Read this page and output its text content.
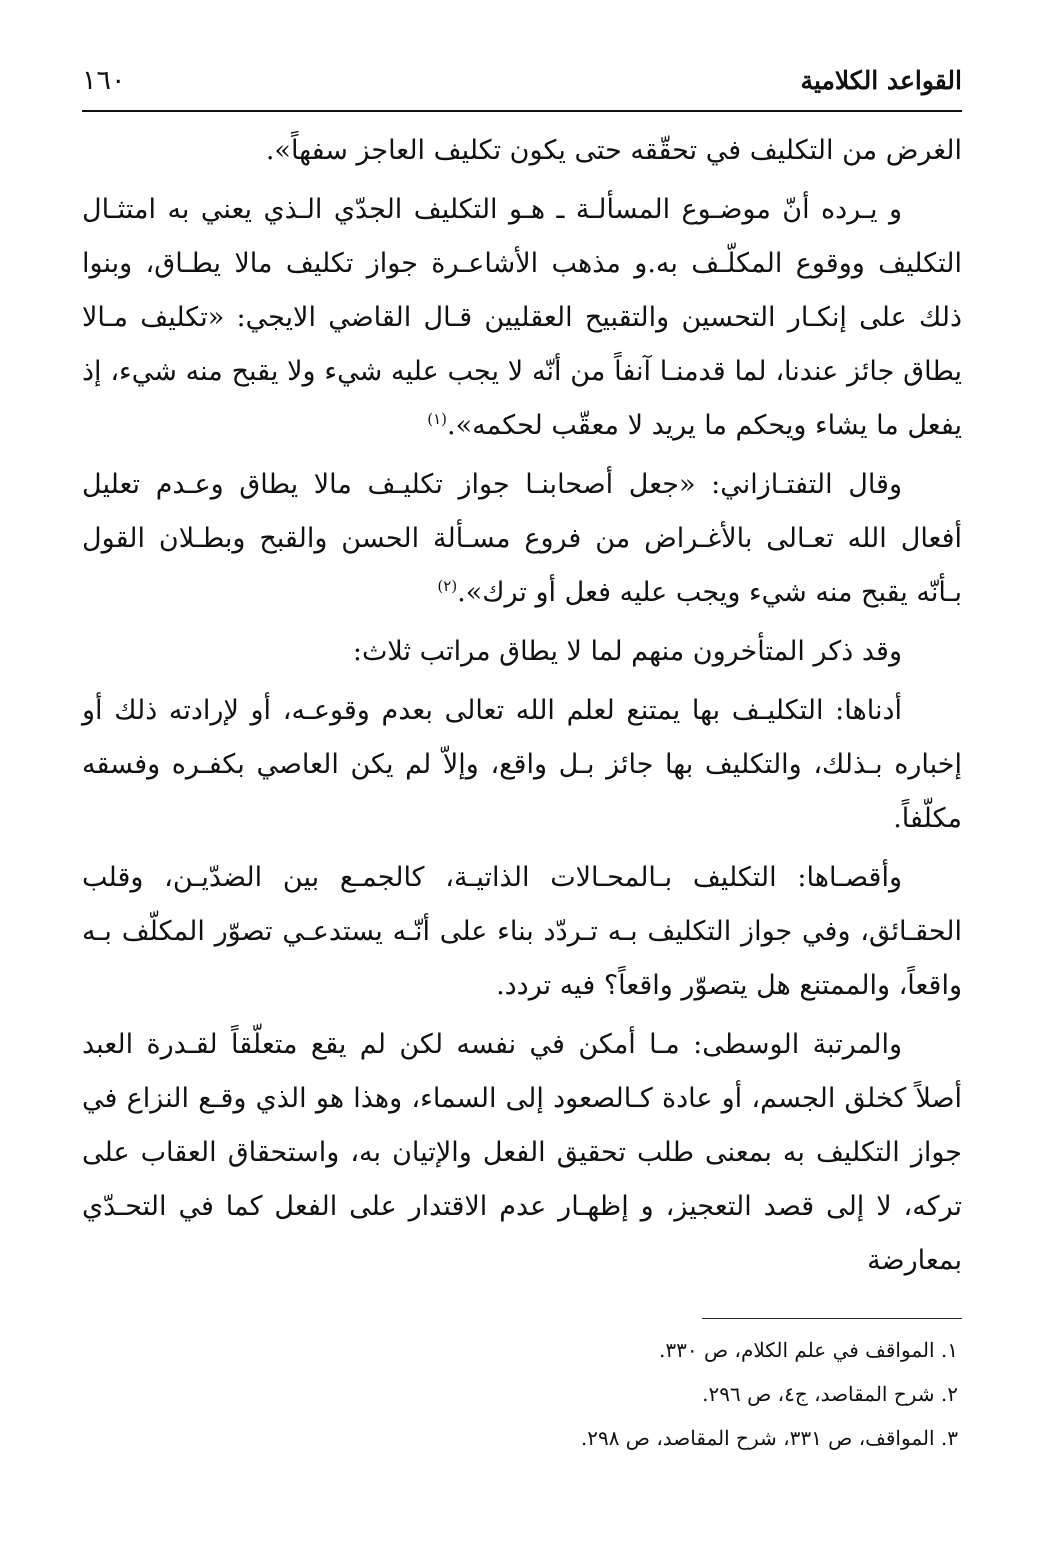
القواعد الكلامية
١٦٠

الغرض من التكليف في تحقّقه حتى يكون تكليف العاجز سفهاً».

و يـرده أنّ موضـوع المسألـة ـ هـو التكليف الجدّي الـذي يعني به امتثـال التكليف ووقوع المكلّـف به.و مذهب الأشاعـرة جواز تكليف مالا يطـاق، وبنوا ذلك على إنكـار التحسين والتقبيح العقليين قـال القاضي الايجي: «تكليف مـالا يطاق جائز عندنا، لما قدمنـا آنفاً من أنّه لا يجب عليه شيء ولا يقبح منه شيء، إذ يفعل ما يشاء ويحكم ما يريد لا معقّب لحكمه».$^{(١)}$

وقال التفتـازاني: «جعل أصحابنـا جواز تكليـف مالا يطاق وعـدم تعليل أفعال الله تعـالى بالأغـراض من فروع مسـألة الحسن والقبح وبطـلان القول بـأنّه يقبح منه شيء ويجب عليه فعل أو ترك».$^{(٢)}$

وقد ذكر المتأخرون منهم لما لا يطاق مراتب ثلاث:

أدناها: التكليـف بها يمتنع لعلم الله تعالى بعدم وقوعـه، أو لإرادته ذلك أو إخباره بـذلك، والتكليف بها جائز بـل واقع، وإلاّ لم يكن العاصي بكفـره وفسقه مكلّفاً.

وأقصـاها: التكليف بـالمحـالات الذاتيـة، كالجمـع بين الضدّيـن، وقلب الحقـائق، وفي جواز التكليف بـه تـردّد بناء على أنّـه يستدعـي تصوّر المكلّف بـه واقعاً، والممتنع هل يتصوّر واقعاً؟ فيه تردد.

والمرتبة الوسطى: مـا أمكن في نفسه لكن لم يقع متعلّقاً لقـدرة العبد أصلاً كخلق الجسم، أو عادة كـالصعود إلى السماء، وهذا هو الذي وقـع النزاع في جواز التكليف به بمعنى طلب تحقيق الفعل والإتيان به، واستحقاق العقاب على تركه، لا إلى قصد التعجيز، و إظهـار عدم الاقتدار على الفعل كما في التحـدّي بمعارضة

١. المواقف في علم الكلام، ص ٣٣٠.
٢. شرح المقاصد، ج٤، ص ٢٩٦.
٣. المواقف، ص ٣٣١، شرح المقاصد، ص ٢٩٨.
